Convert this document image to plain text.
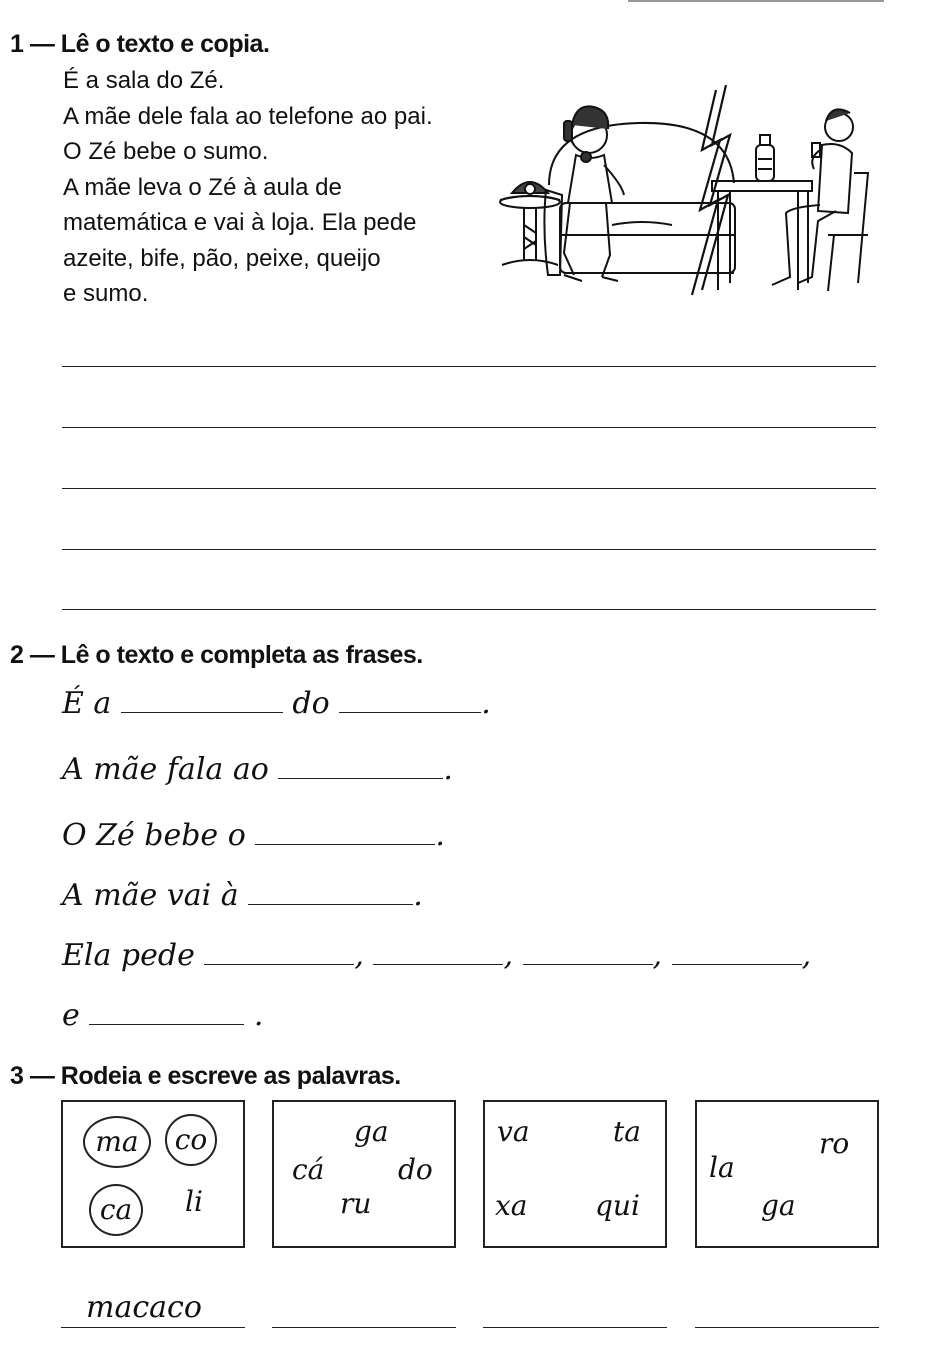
1 — Lê o texto e copia.
É a sala do Zé.
A mãe dele fala ao telefone ao pai.
O Zé bebe o sumo.
A mãe leva o Zé à aula de
matemática e vai à loja. Ela pede
azeite, bife, pão, peixe, queijo
e sumo.
2 — Lê o texto e completa as frases.
É a	do	.
A mãe fala ao	.
O Zé bebe o	.
A mãe vai à	.
Ela pede	,	,	,	,
e	.
3 — Rodeia e escreve as palavras.
ma co
ca li
ga
cá	do
ru
va	ta
xa qui
ro
la
ga
macaco
